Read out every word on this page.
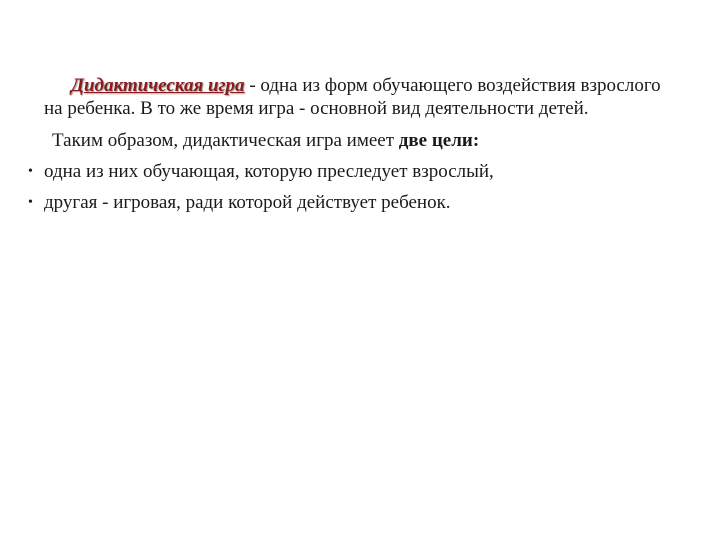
Дидактическая игра - одна из форм обучающего воздействия взрослого на ребенка. В то же время игра - основной вид деятельности детей.

Таким образом, дидактическая игра имеет две цели:

• одна из них обучающая, которую преследует взрослый,
• другая - игровая, ради которой действует ребенок.
